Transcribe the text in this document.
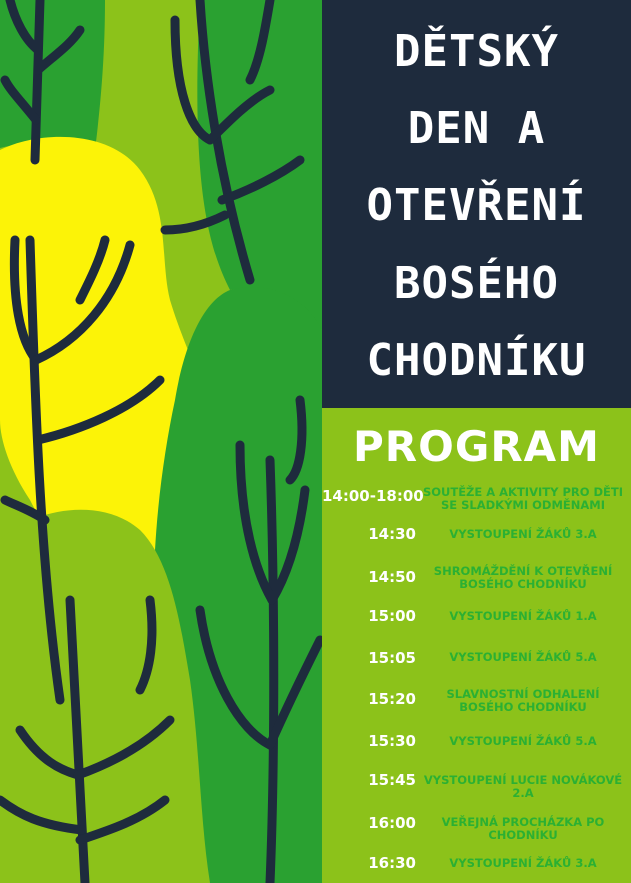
DĚTSKÝ
DEN A
OTEVŘENÍ
BOSÉHO
CHODNÍKU
PROGRAM
14:00-18:00 SOUTĚŽE A AKTIVITY PRO DĚTI SE SLADKÝMI ODMĚNAMI
14:30	VYSTOUPENÍ ŽÁKŮ 3.A
14:50	SHROMÁŽDĚNÍ K OTEVŘENÍ BOSÉHO CHODNÍKU
15:00	VYSTOUPENÍ ŽÁKŮ 1.A
15:05	VYSTOUPENÍ ŽÁKŮ 5.A
15:20	SLAVNOSTNÍ ODHALENÍ BOSÉHO CHODNÍKU
15:30	VYSTOUPENÍ ŽÁKŮ 5.A
15:45 VYSTOUPENÍ LUCIE NOVÁKOVÉ 2.A
16:00	VEŘEJNÁ PROCHÁZKA PO CHODNÍKU
16:30	VYSTOUPENÍ ŽÁKŮ 3.A
